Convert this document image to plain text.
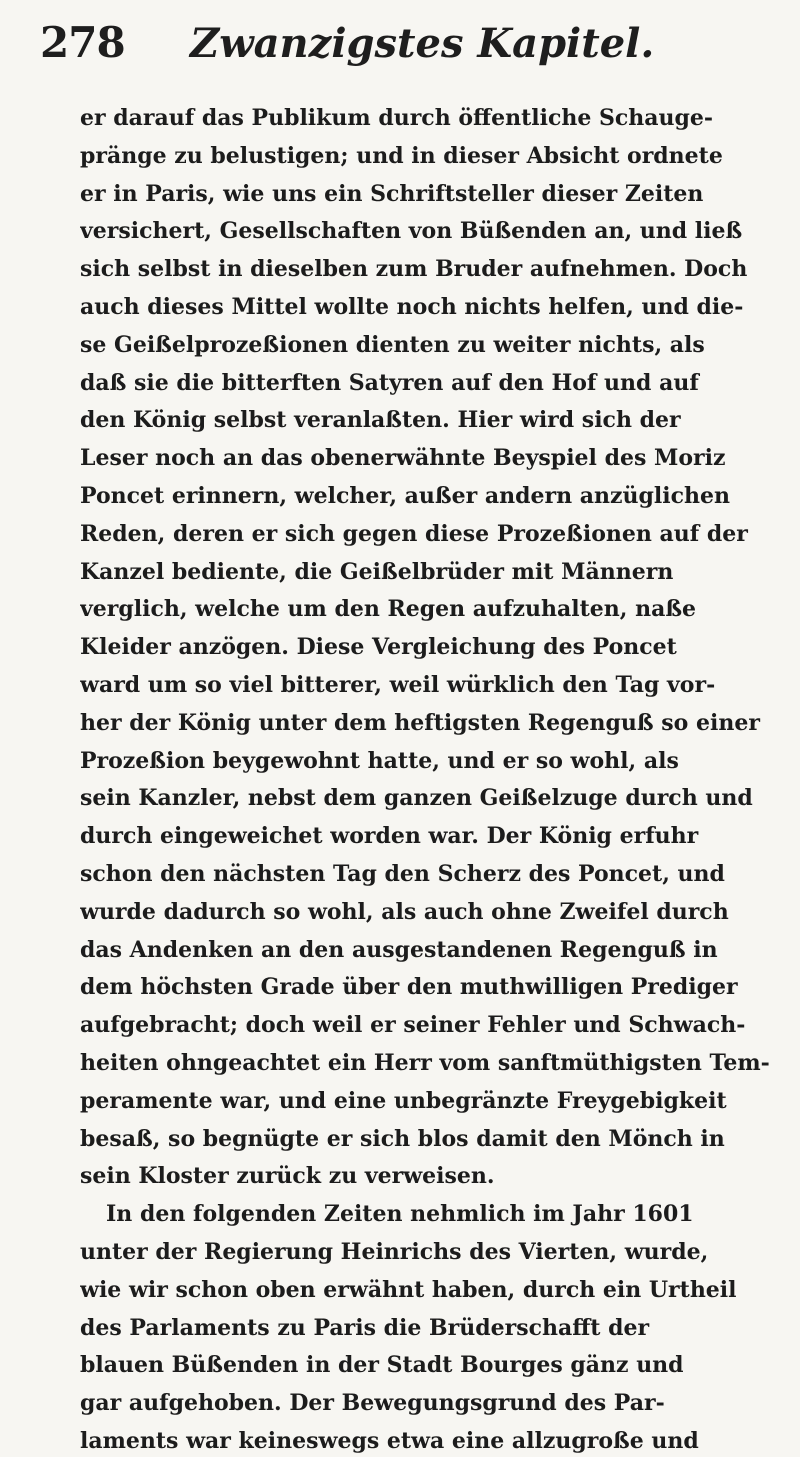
278 Zwanzigstes Kapitel.
er darauf das Publikum durch öffentliche Schauge-
pränge zu belustigen; und in dieser Absicht ordnete
er in Paris, wie uns ein Schriftsteller dieser Zeiten
versichert, Gesellschaften von Büßenden an, und ließ
sich selbst in dieselben zum Bruder aufnehmen. Doch
auch dieses Mittel wollte noch nichts helfen, und die-
se Geißelprozeßionen dienten zu weiter nichts, als
daß sie die bitterften Satyren auf den Hof und auf
den König selbst veranlaßten. Hier wird sich der
Leser noch an das obenerwähnte Beyspiel des Moriz
Poncet erinnern, welcher, außer andern anzüglichen
Reden, deren er sich gegen diese Prozeßionen auf der
Kanzel bediente, die Geißelbrüder mit Männern
verglich, welche um den Regen aufzuhalten, naße
Kleider anzögen. Diese Vergleichung des Poncet
ward um so viel bitterer, weil würklich den Tag vor-
her der König unter dem heftigsten Regenguß so einer
Prozeßion beygewohnt hatte, und er so wohl, als
sein Kanzler, nebst dem ganzen Geißelzuge durch und
durch eingeweichet worden war. Der König erfuhr
schon den nächsten Tag den Scherz des Poncet, und
wurde dadurch so wohl, als auch ohne Zweifel durch
das Andenken an den ausgestandenen Regenguß in
dem höchsten Grade über den muthwilligen Prediger
aufgebracht; doch weil er seiner Fehler und Schwach-
heiten ohngeachtet ein Herr vom sanftmüthigsten Tem-
peramente war, und eine unbegränzte Freygebigkeit
besaß, so begnügte er sich blos damit den Mönch in
sein Kloster zurück zu verweisen.
In den folgenden Zeiten nehmlich im Jahr 1601
unter der Regierung Heinrichs des Vierten, wurde,
wie wir schon oben erwähnt haben, durch ein Urtheil
des Parlaments zu Paris die Brüderschafft der
blauen Büßenden in der Stadt Bourges gänz und
gar aufgehoben. Der Bewegungsgrund des Par-
laments war keineswegs etwa eine allzugroße und
